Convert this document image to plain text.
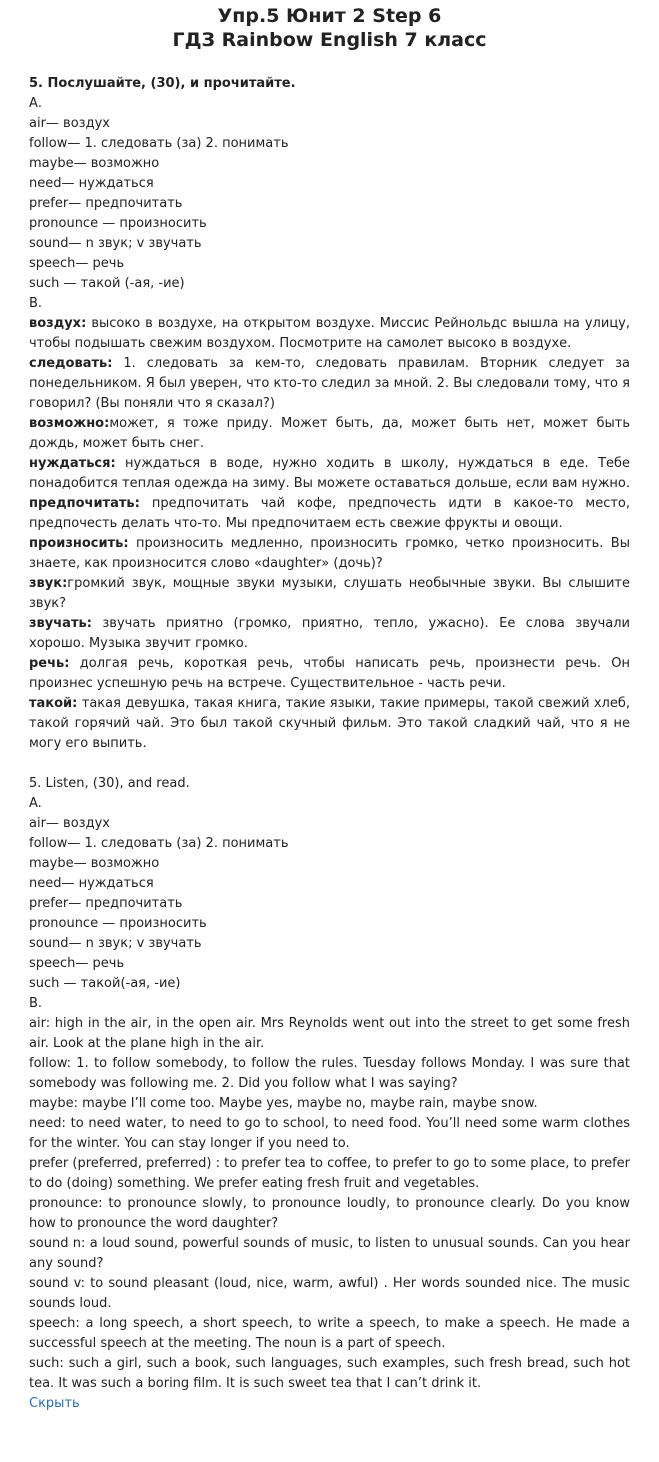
Упр.5 Юнит 2 Step 6
ГДЗ Rainbow English 7 класс
5. Послушайте, (30), и прочитайте.
А.
air— воздух
follow— 1. следовать (за) 2. понимать
maybe— возможно
need— нуждаться
prefer— предпочитать
pronounce — произносить
sound— n звук; v звучать
speech— речь
such — такой (-ая, -ие)
В.
воздух: высоко в воздухе, на открытом воздухе. Миссис Рейнольдс вышла на улицу, чтобы подышать свежим воздухом. Посмотрите на самолет высоко в воздухе.
следовать: 1. следовать за кем-то, следовать правилам. Вторник следует за понедельником. Я был уверен, что кто-то следил за мной. 2. Вы следовали тому, что я говорил? (Вы поняли что я сказал?)
возможно:может, я тоже приду. Может быть, да, может быть нет, может быть дождь, может быть снег.
нуждаться: нуждаться в воде, нужно ходить в школу, нуждаться в еде. Тебе понадобится теплая одежда на зиму. Вы можете оставаться дольше, если вам нужно.
предпочитать: предпочитать чай кофе, предпочесть идти в какое-то место, предпочесть делать что-то. Мы предпочитаем есть свежие фрукты и овощи.
произносить: произносить медленно, произносить громко, четко произносить. Вы знаете, как произносится слово «daughter» (дочь)?
звук:громкий звук, мощные звуки музыки, слушать необычные звуки. Вы слышите звук?
звучать: звучать приятно (громко, приятно, тепло, ужасно). Ее слова звучали хорошо. Музыка звучит громко.
речь: долгая речь, короткая речь, чтобы написать речь, произнести речь. Он произнес успешную речь на встрече. Существительное - часть речи.
такой: такая девушка, такая книга, такие языки, такие примеры, такой свежий хлеб, такой горячий чай. Это был такой скучный фильм. Это такой сладкий чай, что я не могу его выпить.
5. Listen, (30), and read.
A.
air— воздух
follow— 1. следовать (за) 2. понимать
maybe— возможно
need— нуждаться
prefer— предпочитать
pronounce — произносить
sound— n звук; v звучать
speech— речь
such — такой(-ая, -ие)
B.
air: high in the air, in the open air. Mrs Reynolds went out into the street to get some fresh air. Look at the plane high in the air.
follow: 1. to follow somebody, to follow the rules. Tuesday follows Monday. I was sure that somebody was following me. 2. Did you follow what I was saying?
maybe: maybe I’ll come too. Maybe yes, maybe no, maybe rain, maybe snow.
need: to need water, to need to go to school, to need food. You’ll need some warm clothes for the winter. You can stay longer if you need to.
prefer (preferred, preferred) : to prefer tea to coffee, to prefer to go to some place, to prefer to do (doing) something. We prefer eating fresh fruit and vegetables.
pronounce: to pronounce slowly, to pronounce loudly, to pronounce clearly. Do you know how to pronounce the word daughter?
sound n: a loud sound, powerful sounds of music, to listen to unusual sounds. Can you hear any sound?
sound v: to sound pleasant (loud, nice, warm, awful) . Her words sounded nice. The music sounds loud.
speech: a long speech, a short speech, to write a speech, to make a speech. He made a successful speech at the meeting. The noun is a part of speech.
such: such a girl, such a book, such languages, such examples, such fresh bread, such hot tea. It was such a boring film. It is such sweet tea that I can’t drink it.
Скрыть
